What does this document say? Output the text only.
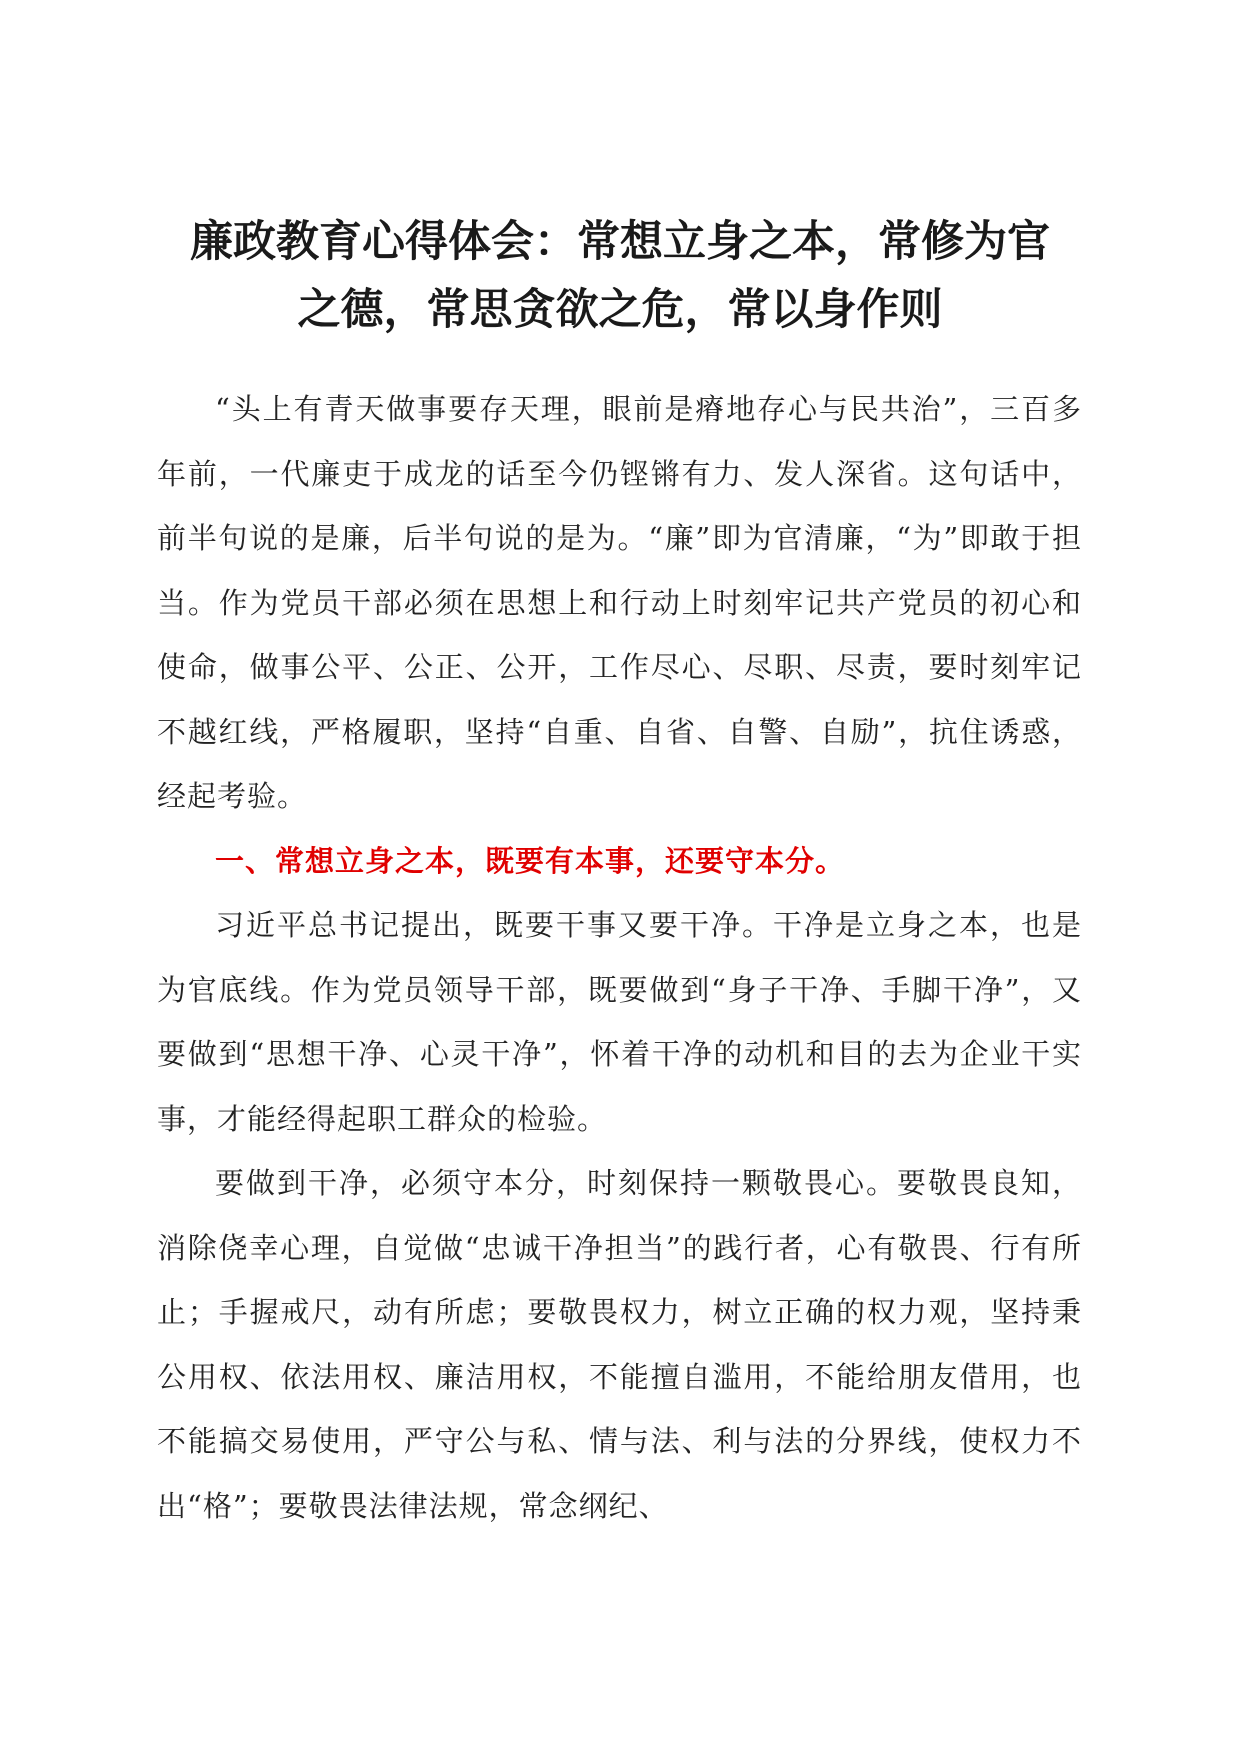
廉政教育心得体会：常想立身之本，常修为官
之德，常思贪欲之危，常以身作则

“头上有青天做事要存天理，眼前是瘠地存心与民共治”，三百多年前，一代廉吏于成龙的话至今仍铿锵有力、发人深省。这句话中，前半句说的是廉，后半句说的是为。“廉”即为官清廉，“为”即敢于担当。作为党员干部必须在思想上和行动上时刻牢记共产党员的初心和使命，做事公平、公正、公开，工作尽心、尽职、尽责，要时刻牢记不越红线，严格履职，坚持“自重、自省、自警、自励”，抗住诱惑，经起考验。

一、常想立身之本，既要有本事，还要守本分。

习近平总书记提出，既要干事又要干净。干净是立身之本，也是为官底线。作为党员领导干部，既要做到“身子干净、手脚干净”，又要做到“思想干净、心灵干净”，怀着干净的动机和目的去为企业干实事，才能经得起职工群众的检验。

要做到干净，必须守本分，时刻保持一颗敬畏心。要敬畏良知，消除侥幸心理，自觉做“忠诚干净担当”的践行者，心有敬畏、行有所止；手握戒尺，动有所虑；要敬畏权力，树立正确的权力观，坚持秉公用权、依法用权、廉洁用权，不能擅自滥用，不能给朋友借用，也不能搞交易使用，严守公与私、情与法、利与法的分界线，使权力不出“格”；要敬畏法律法规，常念纲纪、
